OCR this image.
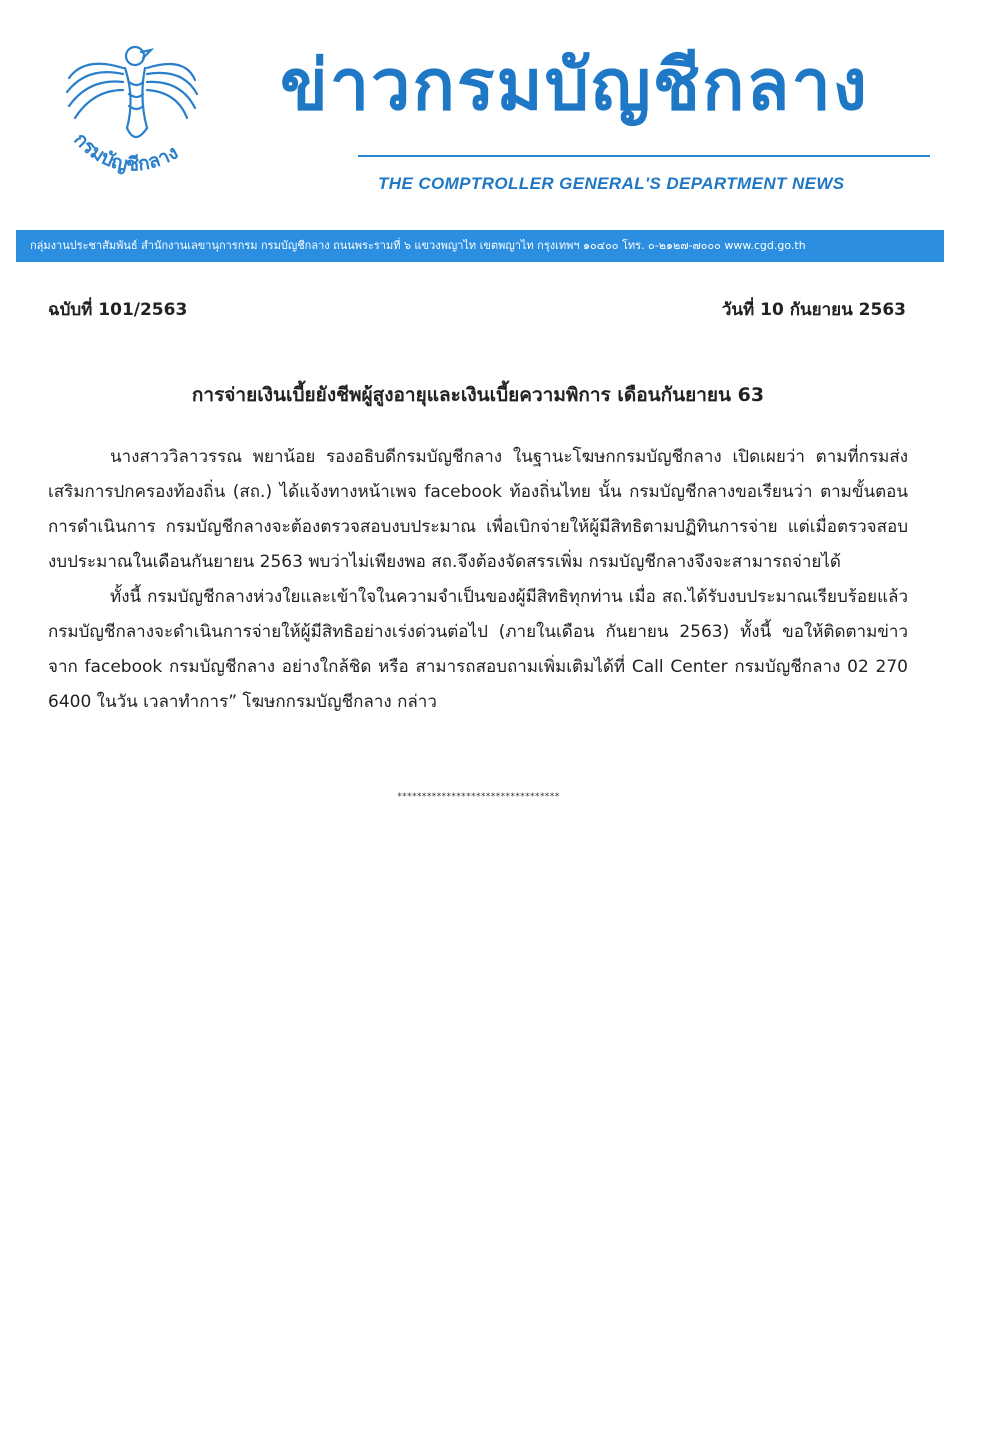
กรมบัญชีกลาง
ข่าวกรมบัญชีกลาง
THE COMPTROLLER GENERAL'S DEPARTMENT NEWS
กลุ่มงานประชาสัมพันธ์ สำนักงานเลขานุการกรม กรมบัญชีกลาง ถนนพระรามที่ ๖ แขวงพญาไท เขตพญาไท กรุงเทพฯ ๑๐๔๐๐ โทร. ๐-๒๑๒๗-๗๐๐๐ www.cgd.go.th
ฉบับที่ 101/2563	วันที่ 10 กันยายน 2563
การจ่ายเงินเบี้ยยังชีพผู้สูงอายุและเงินเบี้ยความพิการ เดือนกันยายน 63

นางสาววิลาวรรณ พยาน้อย รองอธิบดีกรมบัญชีกลาง ในฐานะโฆษกกรมบัญชีกลาง เปิดเผยว่า ตามที่กรมส่งเสริมการปกครองท้องถิ่น (สถ.) ได้แจ้งทางหน้าเพจ facebook ท้องถิ่นไทย นั้น กรมบัญชีกลางขอเรียนว่า ตามขั้นตอนการดำเนินการ กรมบัญชีกลางจะต้องตรวจสอบงบประมาณ เพื่อเบิกจ่ายให้ผู้มีสิทธิตามปฏิทินการจ่าย แต่เมื่อตรวจสอบงบประมาณในเดือนกันยายน 2563 พบว่าไม่เพียงพอ สถ.จึงต้องจัดสรรเพิ่ม กรมบัญชีกลางจึงจะสามารถจ่ายได้

ทั้งนี้ กรมบัญชีกลางห่วงใยและเข้าใจในความจำเป็นของผู้มีสิทธิทุกท่าน เมื่อ สถ.ได้รับงบประมาณเรียบร้อยแล้ว กรมบัญชีกลางจะดำเนินการจ่ายให้ผู้มีสิทธิอย่างเร่งด่วนต่อไป (ภายในเดือน กันยายน 2563) ทั้งนี้ ขอให้ติดตามข่าวจาก facebook กรมบัญชีกลาง อย่างใกล้ชิด หรือ สามารถสอบถามเพิ่มเติมได้ที่ Call Center กรมบัญชีกลาง 02 270 6400 ในวัน เวลาทำการ” โฆษกกรมบัญชีกลาง กล่าว

*********************************
